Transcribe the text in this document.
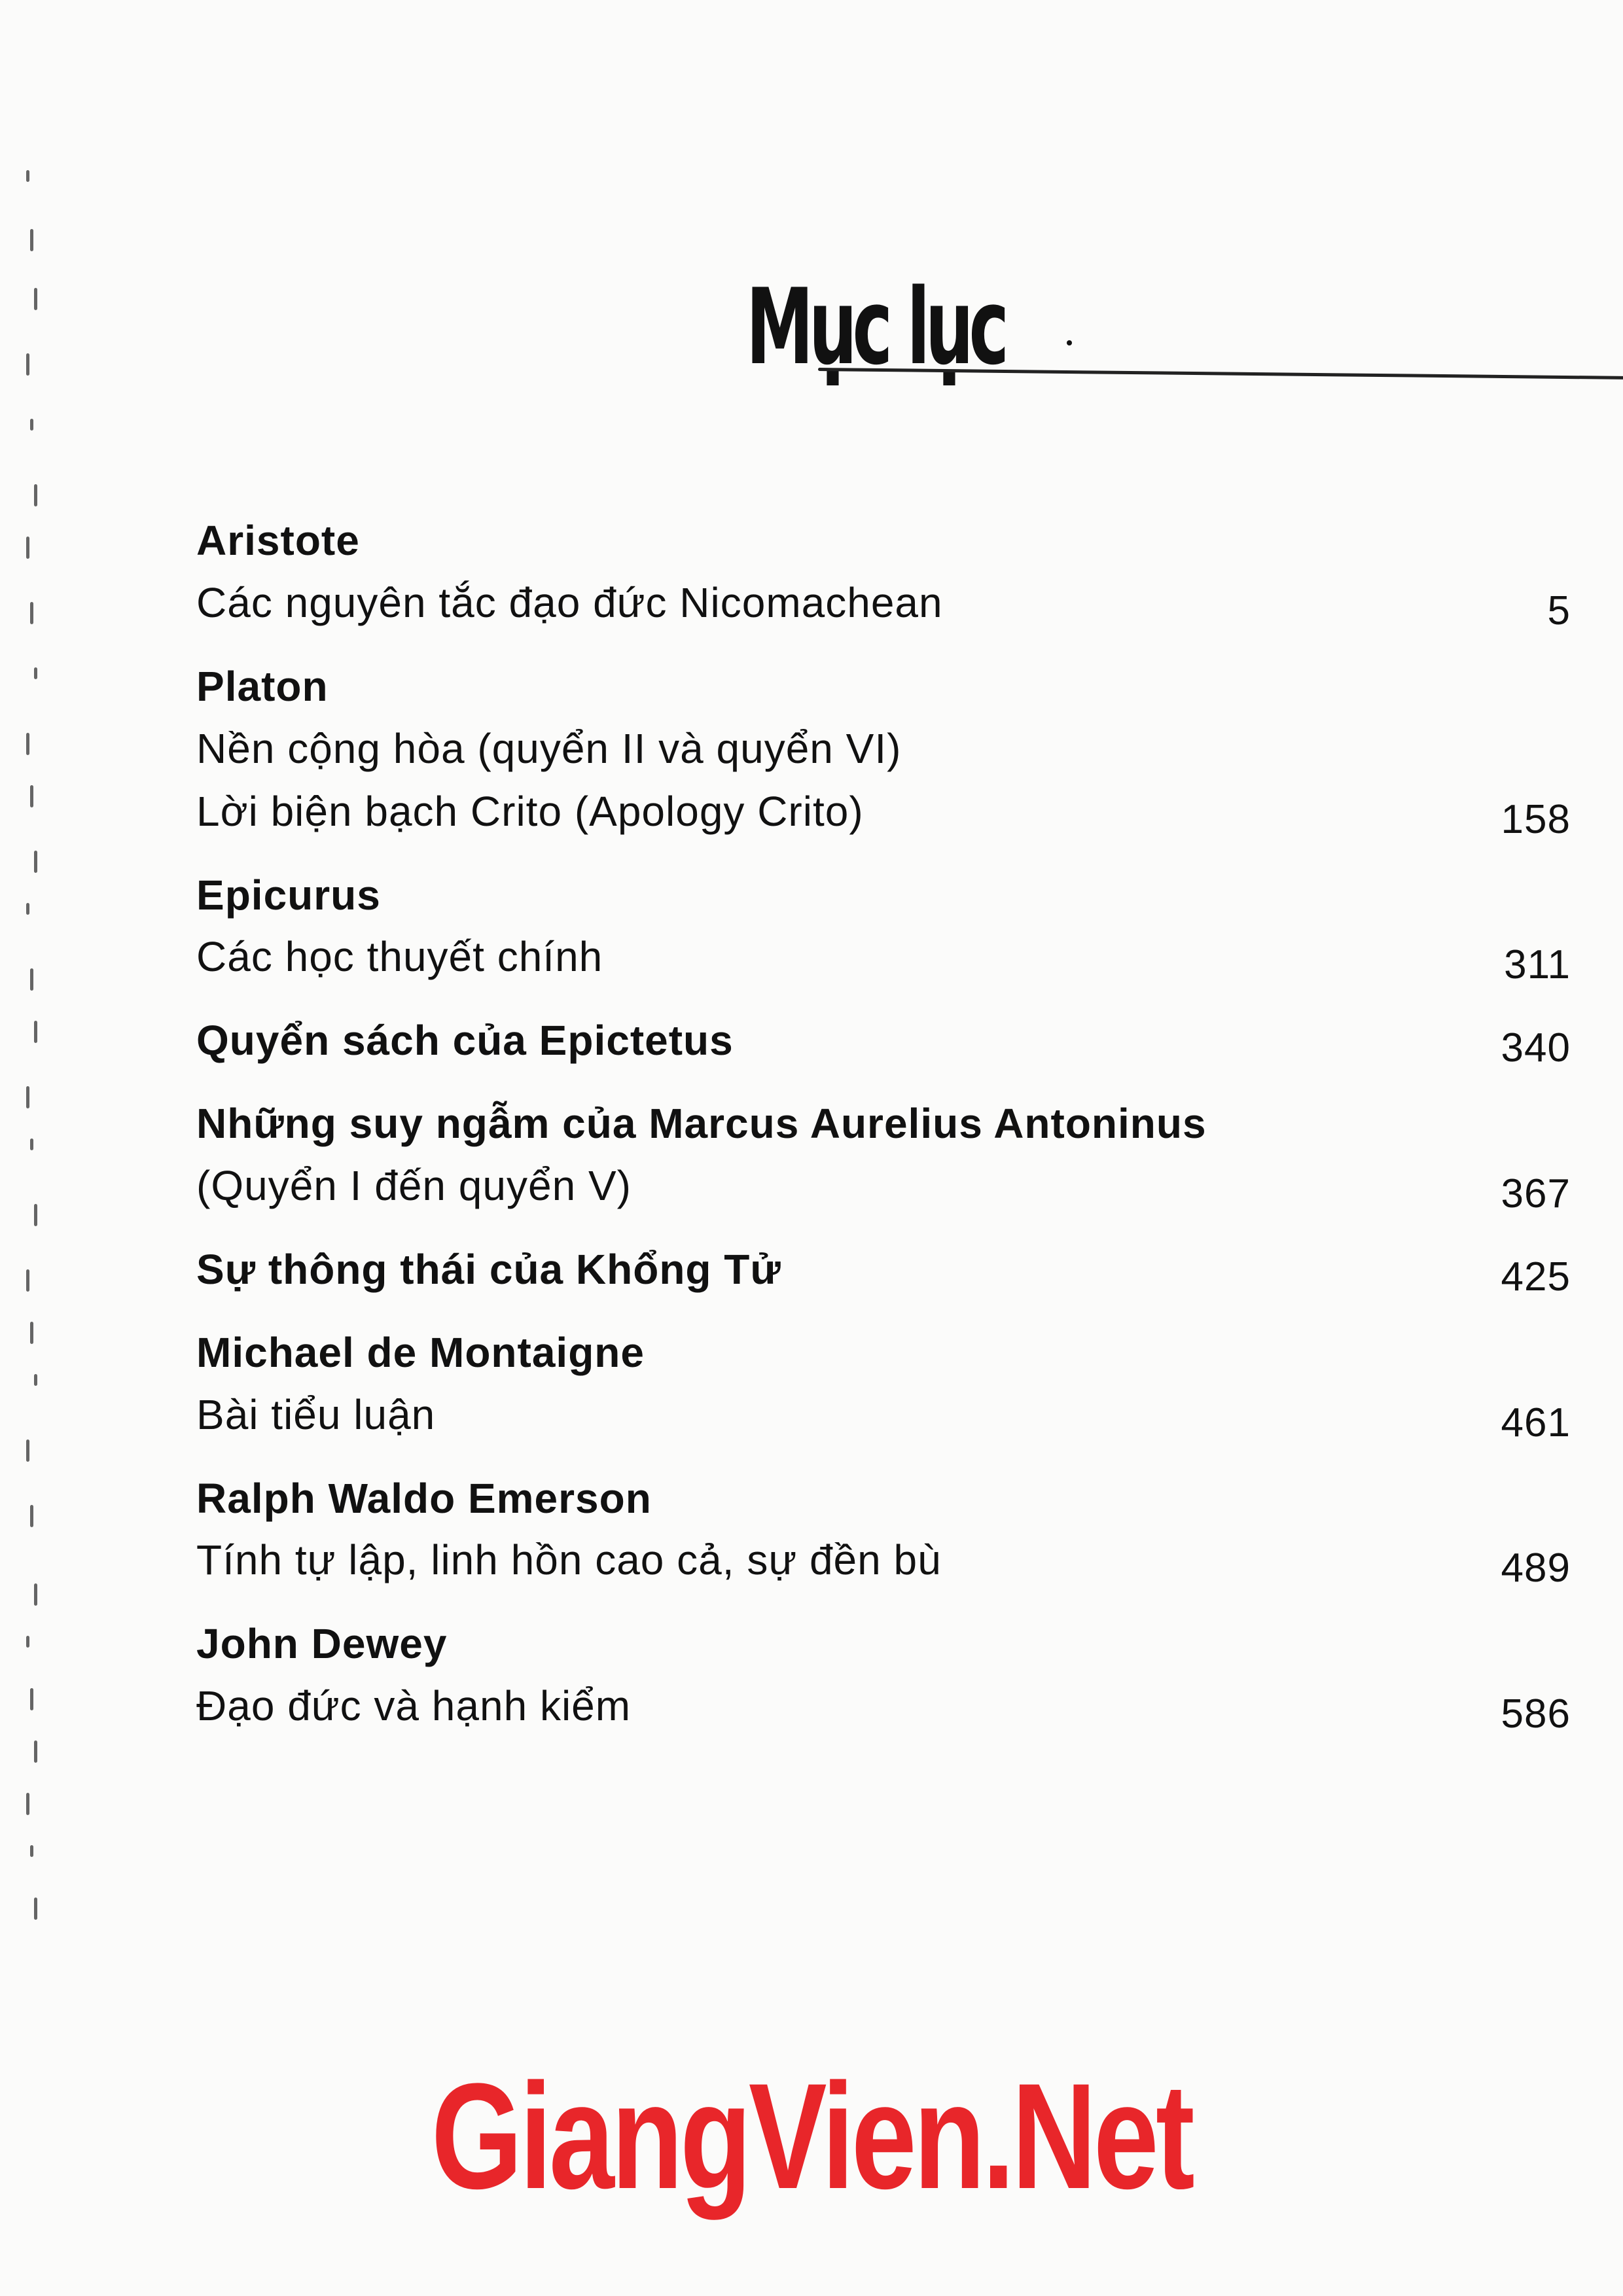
Mục lục
Aristote
Các nguyên tắc đạo đức Nicomachean	5
Platon
Nền cộng hòa (quyển II và quyển VI)
Lời biện bạch Crito (Apology Crito)	158
Epicurus
Các học thuyết chính	311
Quyển sách của Epictetus	340
Những suy ngẫm của Marcus Aurelius Antoninus
(Quyển I đến quyển V)	367
Sự thông thái của Khổng Tử	425
Michael de Montaigne
Bài tiểu luận	461
Ralph Waldo Emerson
Tính tự lập, linh hồn cao cả, sự đền bù	489
John Dewey
Đạo đức và hạnh kiểm	586
GiangVien.Net
